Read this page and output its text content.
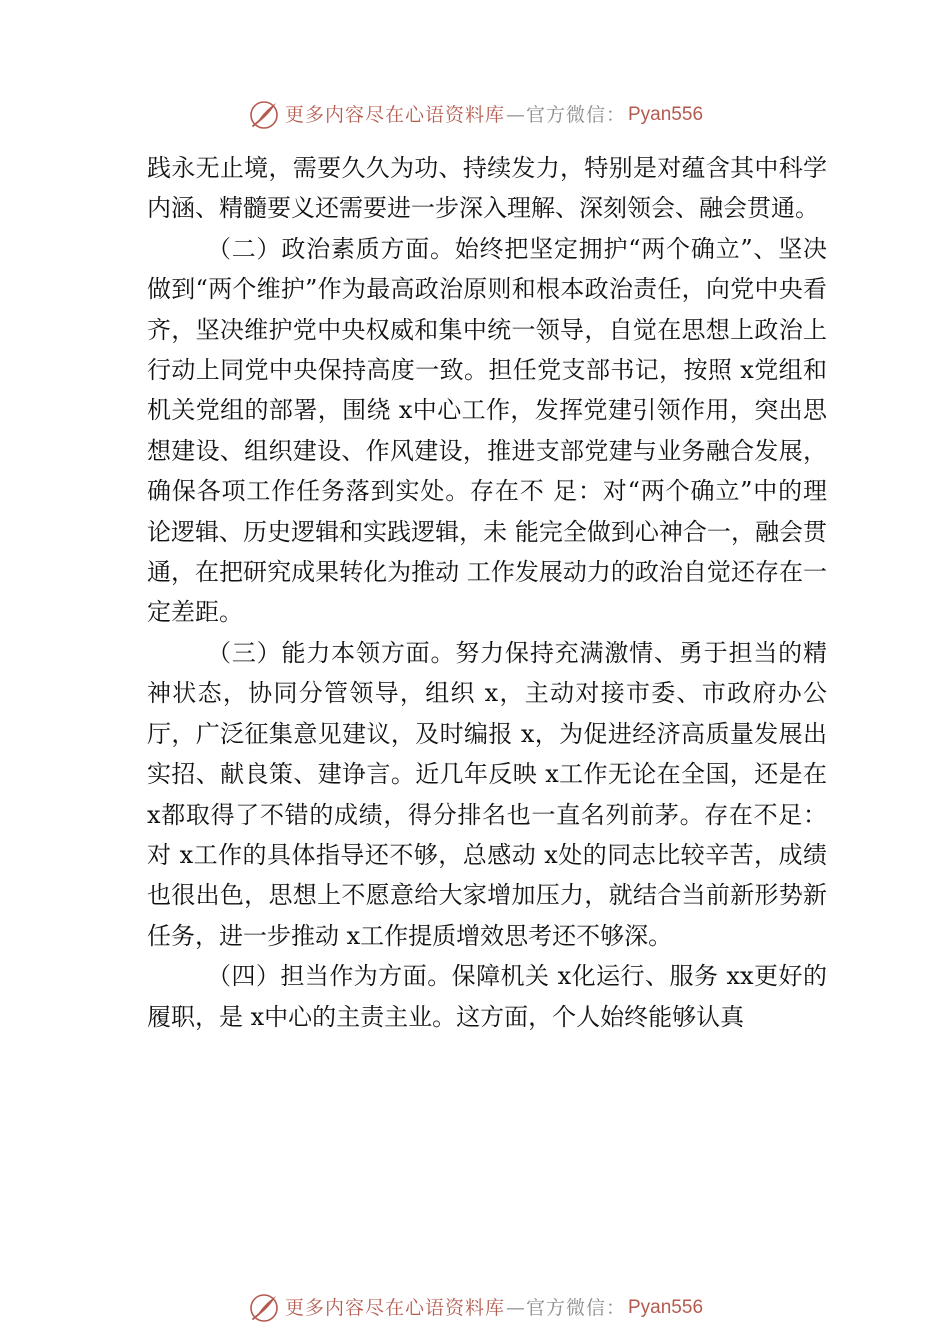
更多内容尽在心语资料库 — 官方微信： Pyan556

践永无止境，需要久久为功、持续发力，特别是对蕴含其中科学内涵、精髓要义还需要进一步深入理解、深刻领会、融会贯通。

（二）政治素质方面。始终把坚定拥护“两个确立”、坚决做到“两个维护”作为最高政治原则和根本政治责任，向党中央看齐，坚决维护党中央权威和集中统一领导，自觉在思想上政治上行动上同党中央保持高度一致。担任党支部书记，按照 x党组和机关党组的部署，围绕 x中心工作，发挥党建引领作用，突出思想建设、组织建设、作风建设，推进支部党建与业务融合发展，确保各项工作任务落到实处。存在不 足：对“两个确立”中的理论逻辑、历史逻辑和实践逻辑，未 能完全做到心神合一，融会贯通，在把研究成果转化为推动 工作发展动力的政治自觉还存在一定差距。

（三）能力本领方面。努力保持充满激情、勇于担当的精神状态，协同分管领导，组织 x，主动对接市委、市政府办公厅，广泛征集意见建议，及时编报 x，为促进经济高质量发展出实招、献良策、建诤言。近几年反映 x工作无论在全国，还是在 x都取得了不错的成绩，得分排名也一直名列前茅。存在不足：对 x工作的具体指导还不够，总感动 x处的同志比较辛苦，成绩也很出色，思想上不愿意给大家增加压力，就结合当前新形势新任务，进一步推动 x工作提质增效思考还不够深。

（四）担当作为方面。保障机关 x化运行、服务 xx更好的履职，是 x中心的主责主业。这方面，个人始终能够认真

更多内容尽在心语资料库 — 官方微信： Pyan556
